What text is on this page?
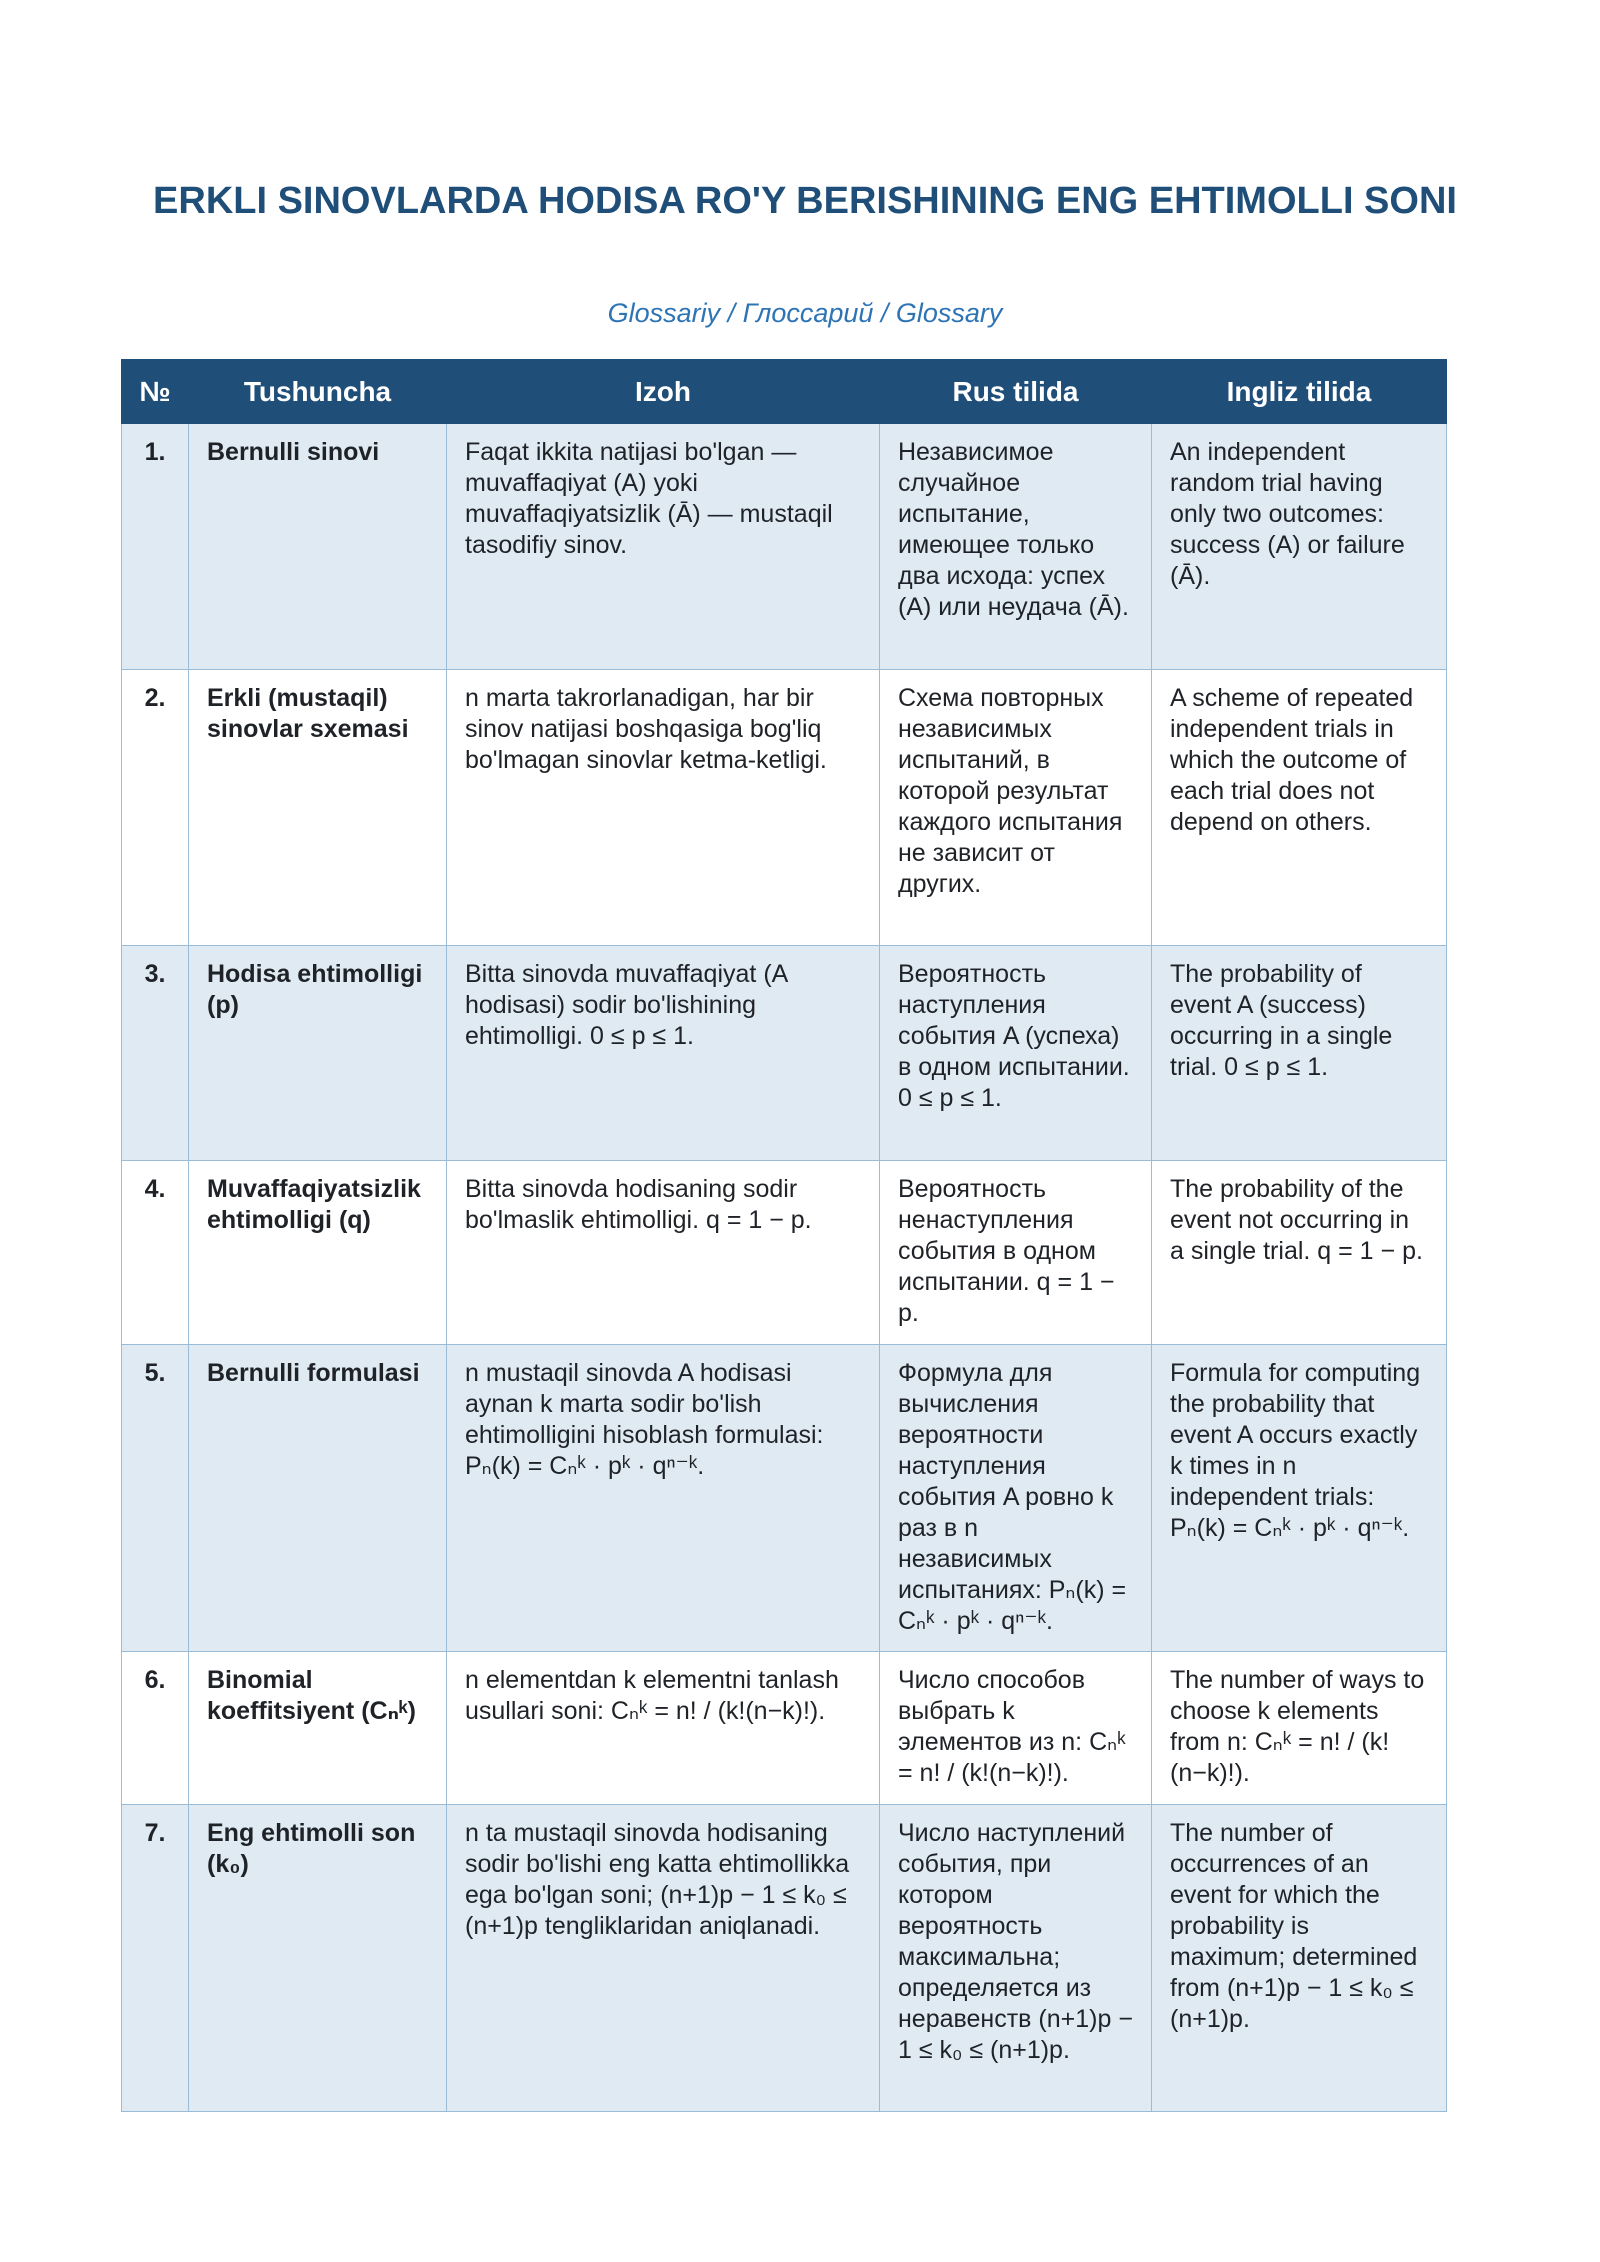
ERKLI SINOVLARDA HODISA RO'Y BERISHINING ENG EHTIMOLLI SONI

Glossariy / Глоссарий / Glossary

№	Tushuncha	Izoh	Rus tilida	Ingliz tilida
1.	Bernulli sinovi	Faqat ikkita natijasi bo'lgan — muvaffaqiyat (A) yoki muvaffaqiyatsizlik (Ā) — mustaqil tasodifiy sinov.	Независимое случайное испытание, имеющее только два исхода: успех (A) или неудача (Ā).	An independent random trial having only two outcomes: success (A) or failure (Ā).
2.	Erkli (mustaqil) sinovlar sxemasi	n marta takrorlanadigan, har bir sinov natijasi boshqasiga bog'liq bo'lmagan sinovlar ketma-ketligi.	Схема повторных независимых испытаний, в которой результат каждого испытания не зависит от других.	A scheme of repeated independent trials in which the outcome of each trial does not depend on others.
3.	Hodisa ehtimolligi (p)	Bitta sinovda muvaffaqiyat (A hodisasi) sodir bo'lishining ehtimolligi. 0 ≤ p ≤ 1.	Вероятность наступления события A (успеха) в одном испытании. 0 ≤ p ≤ 1.	The probability of event A (success) occurring in a single trial. 0 ≤ p ≤ 1.
4.	Muvaffaqiyatsizlik ehtimolligi (q)	Bitta sinovda hodisaning sodir bo'lmaslik ehtimolligi. q = 1 − p.	Вероятность ненаступления события в одном испытании. q = 1 − p.	The probability of the event not occurring in a single trial. q = 1 − p.
5.	Bernulli formulasi	n mustaqil sinovda A hodisasi aynan k marta sodir bo'lish ehtimolligini hisoblash formulasi: Pₙ(k) = Cₙᵏ · pᵏ · qⁿ⁻ᵏ.	Формула для вычисления вероятности наступления события A ровно k раз в n независимых испытаниях: Pₙ(k) = Cₙᵏ · pᵏ · qⁿ⁻ᵏ.	Formula for computing the probability that event A occurs exactly k times in n independent trials: Pₙ(k) = Cₙᵏ · pᵏ · qⁿ⁻ᵏ.
6.	Binomial koeffitsiyent (Cₙᵏ)	n elementdan k elementni tanlash usullari soni: Cₙᵏ = n! / (k!(n−k)!).	Число способов выбрать k элементов из n: Cₙᵏ = n! / (k!(n−k)!).	The number of ways to choose k elements from n: Cₙᵏ = n! / (k!(n−k)!).
7.	Eng ehtimolli son (k₀)	n ta mustaqil sinovda hodisaning sodir bo'lishi eng katta ehtimollikka ega bo'lgan soni; (n+1)p − 1 ≤ k₀ ≤ (n+1)p tengliklaridan aniqlanadi.	Число наступлений события, при котором вероятность максимальна; определяется из неравенств (n+1)p − 1 ≤ k₀ ≤ (n+1)p.	The number of occurrences of an event for which the probability is maximum; determined from (n+1)p − 1 ≤ k₀ ≤ (n+1)p.
